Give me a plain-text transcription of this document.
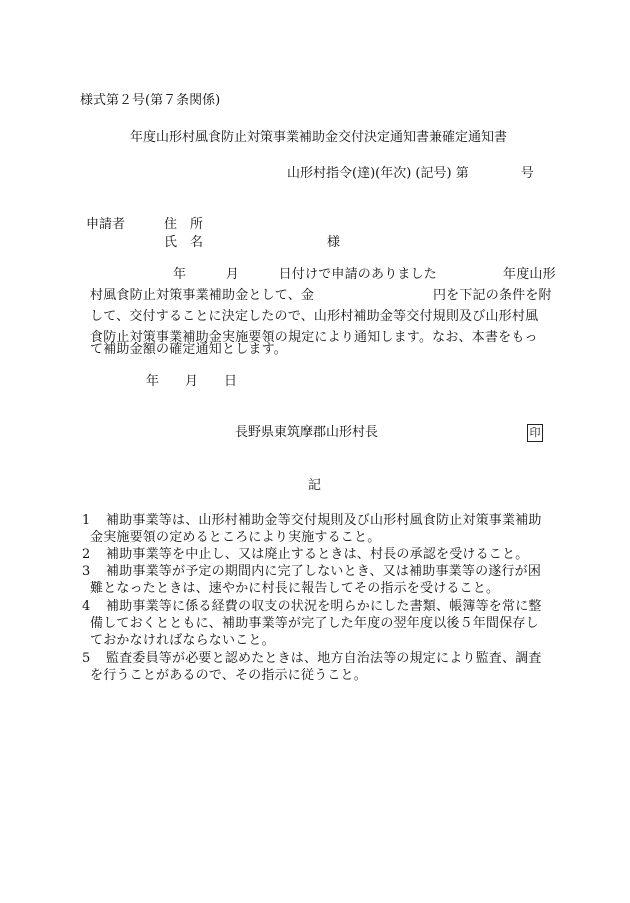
様式第２号(第７条関係)
年度山形村風食防止対策事業補助金交付決定通知書兼確定通知書
山形村指令(達)(年次) (記号) 第　　　　号
申請者	住　所
氏　名	様
年　　　月　　　日付けで申請のありました　　　　　年度山形
村風食防止対策事業補助金として、金　　　　　　　　　円を下記の条件を附
して、交付することに決定したので、山形村補助金等交付規則及び山形村風
食防止対策事業補助金実施要領の規定により通知します。なお、本書をもっ
て補助金額の確定通知とします。
年　　月　　日
長野県東筑摩郡山形村長	印
記
1 補助事業等は、山形村補助金等交付規則及び山形村風食防止対策事業補助
金実施要領の定めるところにより実施すること。
2 補助事業等を中止し、又は廃止するときは、村長の承認を受けること。
3 補助事業等が予定の期間内に完了しないとき、又は補助事業等の遂行が困
難となったときは、速やかに村長に報告してその指示を受けること。
4 補助事業等に係る経費の収支の状況を明らかにした書類、帳簿等を常に整
備しておくとともに、補助事業等が完了した年度の翌年度以後５年間保存し
ておかなければならないこと。
5 監査委員等が必要と認めたときは、地方自治法等の規定により監査、調査
を行うことがあるので、その指示に従うこと。
